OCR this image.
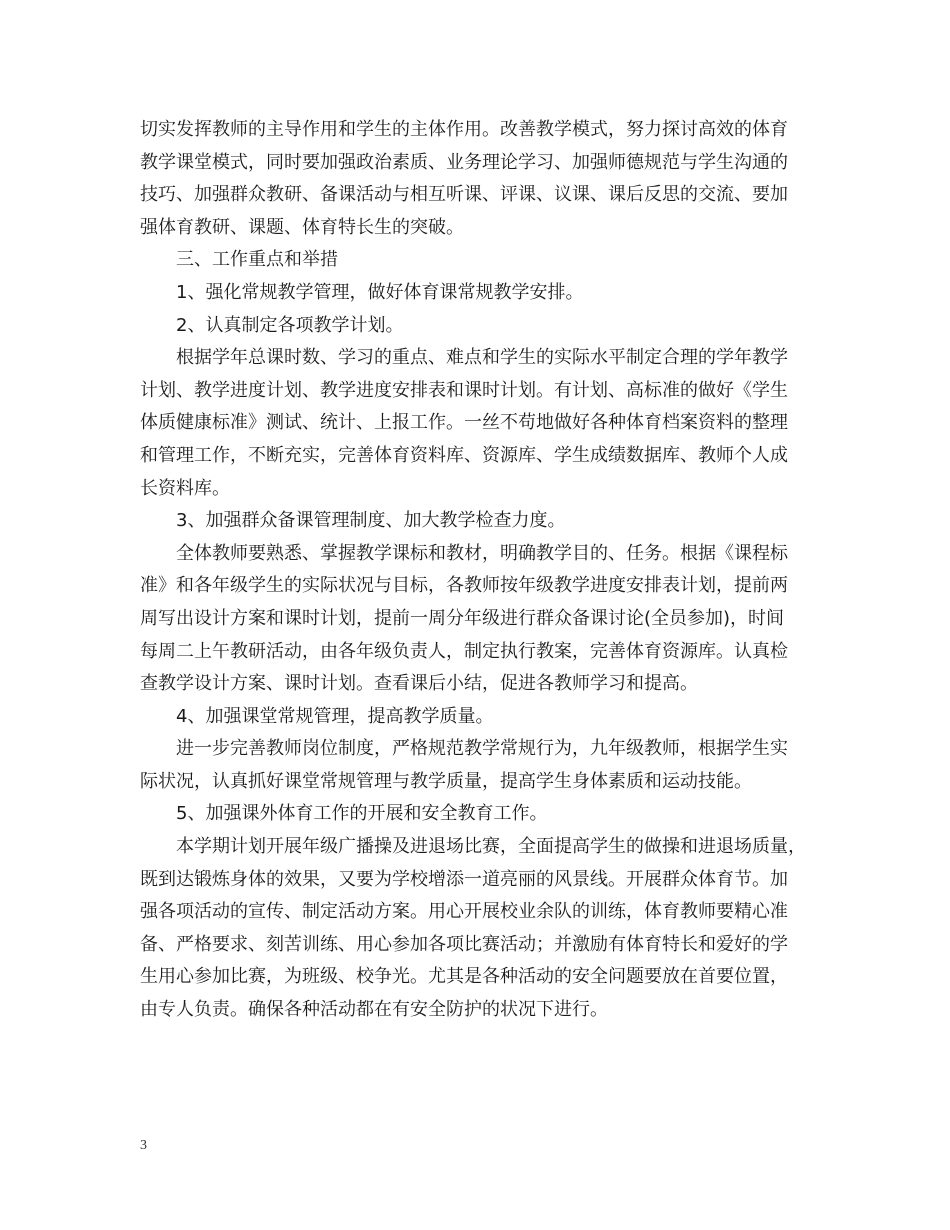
切实发挥教师的主导作用和学生的主体作用。改善教学模式，努力探讨高效的体育
教学课堂模式，同时要加强政治素质、业务理论学习、加强师德规范与学生沟通的
技巧、加强群众教研、备课活动与相互听课、评课、议课、课后反思的交流、要加
强体育教研、课题、体育特长生的突破。

三、工作重点和举措

1、强化常规教学管理，做好体育课常规教学安排。

2、认真制定各项教学计划。

根据学年总课时数、学习的重点、难点和学生的实际水平制定合理的学年教学
计划、教学进度计划、教学进度安排表和课时计划。有计划、高标准的做好《学生
体质健康标准》测试、统计、上报工作。一丝不苟地做好各种体育档案资料的整理
和管理工作，不断充实，完善体育资料库、资源库、学生成绩数据库、教师个人成
长资料库。

3、加强群众备课管理制度、加大教学检查力度。

全体教师要熟悉、掌握教学课标和教材，明确教学目的、任务。根据《课程标
准》和各年级学生的实际状况与目标，各教师按年级教学进度安排表计划，提前两
周写出设计方案和课时计划，提前一周分年级进行群众备课讨论(全员参加)，时间
每周二上午教研活动，由各年级负责人，制定执行教案，完善体育资源库。认真检
查教学设计方案、课时计划。查看课后小结，促进各教师学习和提高。

4、加强课堂常规管理，提高教学质量。

进一步完善教师岗位制度，严格规范教学常规行为，九年级教师，根据学生实
际状况，认真抓好课堂常规管理与教学质量，提高学生身体素质和运动技能。

5、加强课外体育工作的开展和安全教育工作。

本学期计划开展年级广播操及进退场比赛，全面提高学生的做操和进退场质量，
既到达锻炼身体的效果，又要为学校增添一道亮丽的风景线。开展群众体育节。加
强各项活动的宣传、制定活动方案。用心开展校业余队的训练，体育教师要精心准
备、严格要求、刻苦训练、用心参加各项比赛活动；并激励有体育特长和爱好的学
生用心参加比赛，为班级、校争光。尤其是各种活动的安全问题要放在首要位置，
由专人负责。确保各种活动都在有安全防护的状况下进行。

3
